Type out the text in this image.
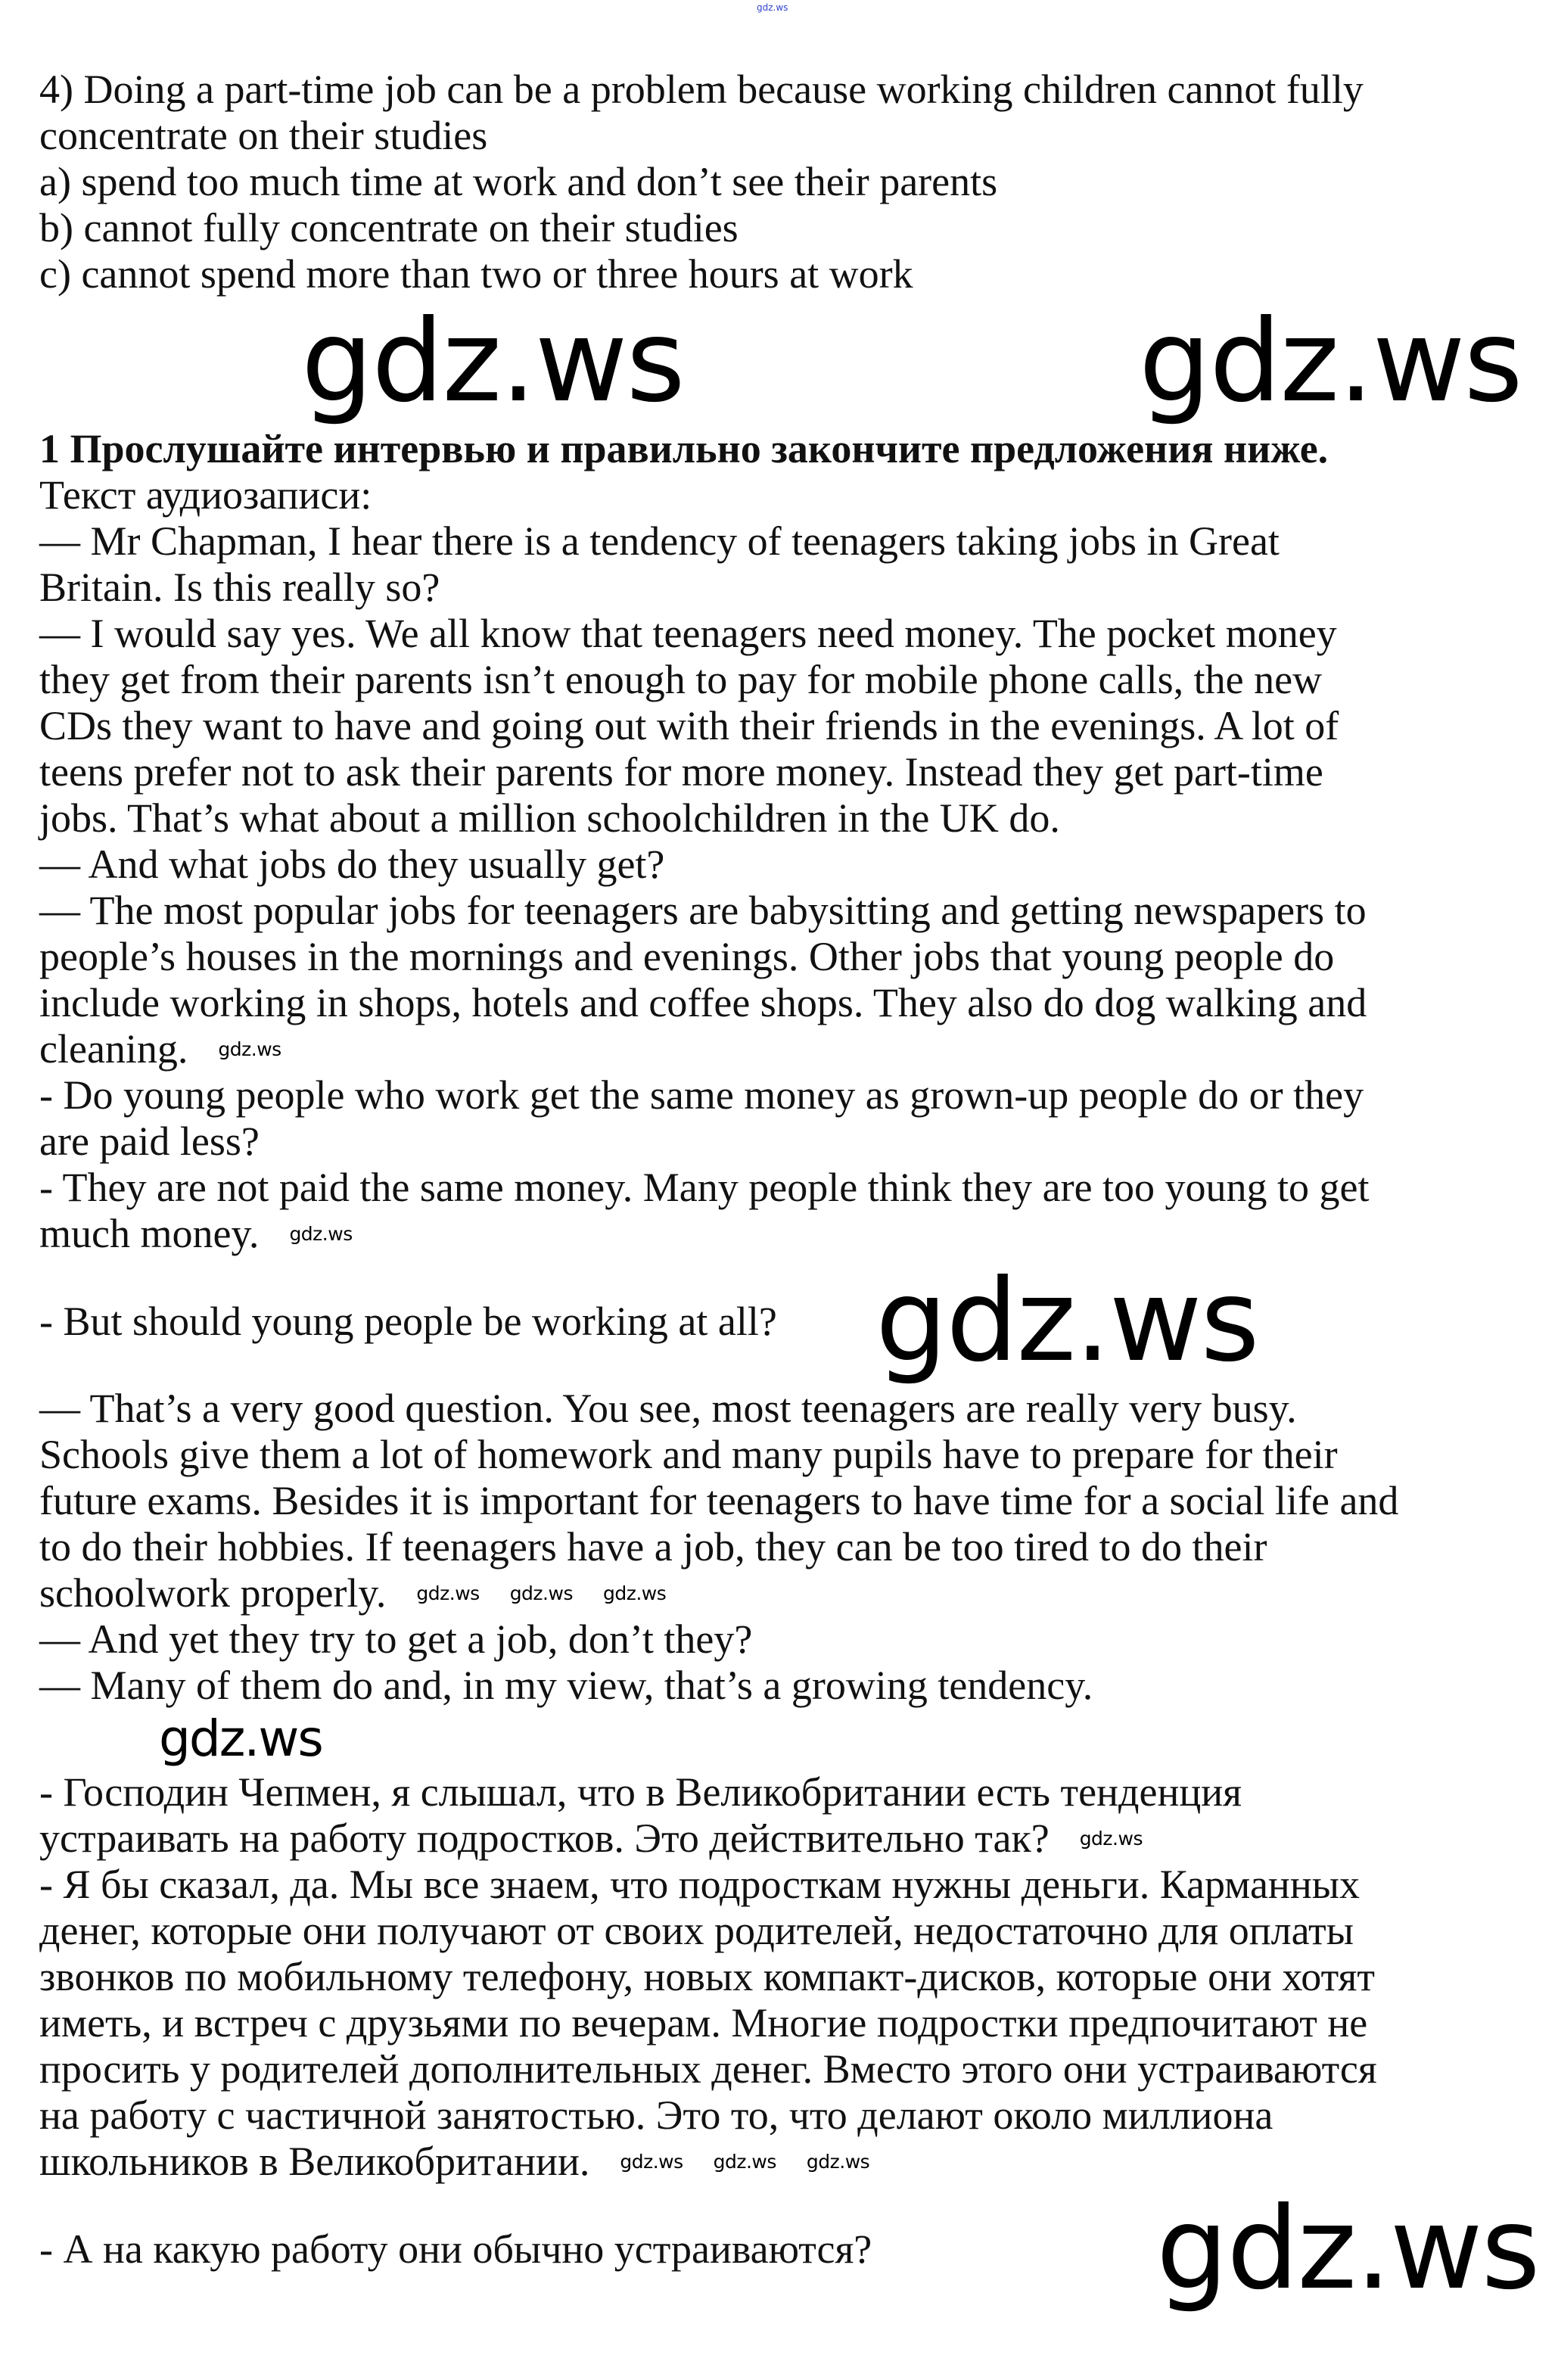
gdz.ws
4) Doing a part-time job can be a problem because working children cannot fully
concentrate on their studies
a) spend too much time at work and don’t see their parents
b) cannot fully concentrate on their studies
c) cannot spend more than two or three hours at work
gdz.ws	gdz.ws
1 Прослушайте интервью и правильно закончите предложения ниже.
Текст аудиозаписи:
— Mr Chapman, I hear there is a tendency of teenagers taking jobs in Great
Britain. Is this really so?
— I would say yes. We all know that teenagers need money. The pocket money
they get from their parents isn’t enough to pay for mobile phone calls, the new
CDs they want to have and going out with their friends in the evenings. A lot of
teens prefer not to ask their parents for more money. Instead they get part-time
jobs. That’s what about a million schoolchildren in the UK do.
— And what jobs do they usually get?
— The most popular jobs for teenagers are babysitting and getting newspapers to
people’s houses in the mornings and evenings. Other jobs that young people do
include working in shops, hotels and coffee shops. They also do dog walking and
cleaning. gdz.ws
- Do young people who work get the same money as grown-up people do or they
are paid less?
- They are not paid the same money. Many people think they are too young to get
much money. gdz.ws
- But should young people be working at all? gdz.ws
— That’s a very good question. You see, most teenagers are really very busy.
Schools give them a lot of homework and many pupils have to prepare for their
future exams. Besides it is important for teenagers to have time for a social life and
to do their hobbies. If teenagers have a job, they can be too tired to do their
schoolwork properly. gdz.ws gdz.ws gdz.ws
— And yet they try to get a job, don’t they?
— Many of them do and, in my view, that’s a growing tendency.
gdz.ws
- Господин Чепмен, я слышал, что в Великобритании есть тенденция
устраивать на работу подростков. Это действительно так? gdz.ws
- Я бы сказал, да. Мы все знаем, что подросткам нужны деньги. Карманных
денег, которые они получают от своих родителей, недостаточно для оплаты
звонков по мобильному телефону, новых компакт-дисков, которые они хотят
иметь, и встреч с друзьями по вечерам. Многие подростки предпочитают не
просить у родителей дополнительных денег. Вместо этого они устраиваются
на работу с частичной занятостью. Это то, что делают около миллиона
школьников в Великобритании. gdz.ws gdz.ws gdz.ws
- А на какую работу они обычно устраиваются?	gdz.ws
